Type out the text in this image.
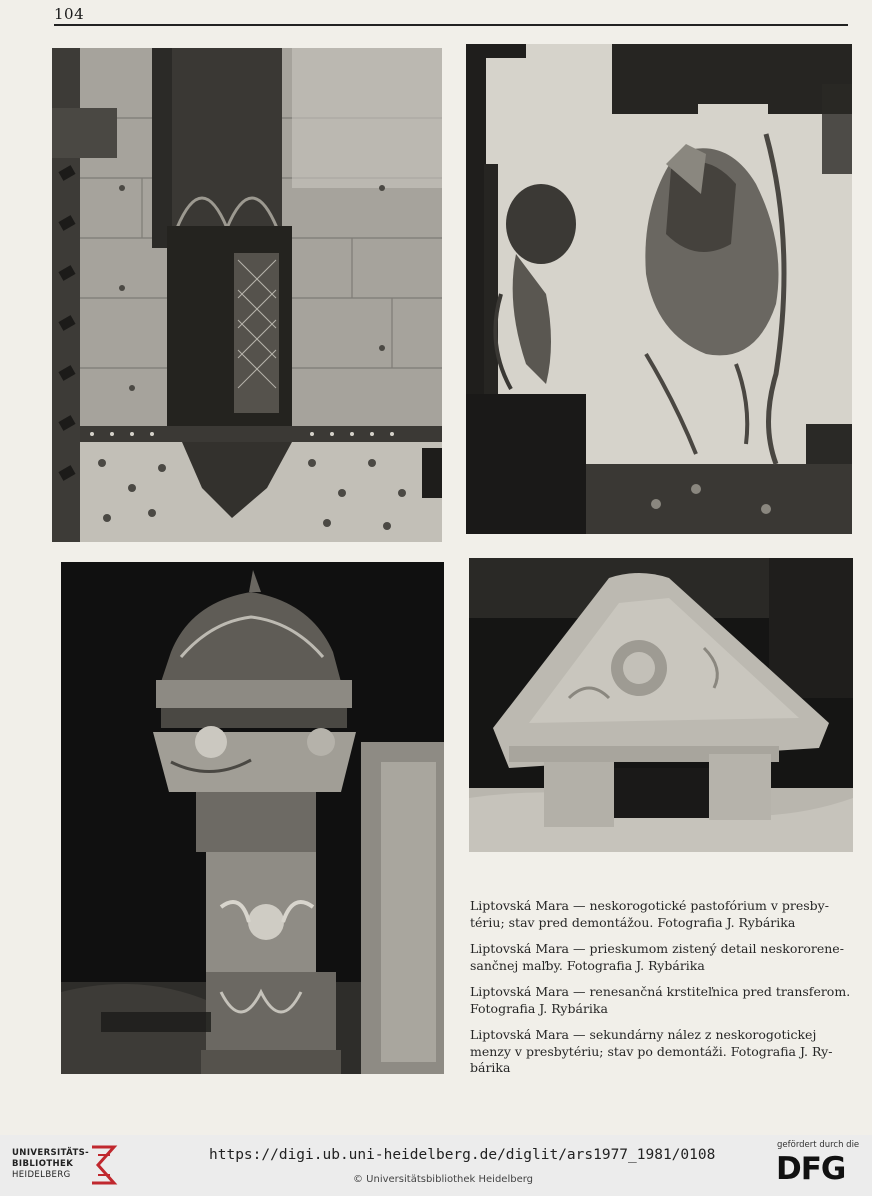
104

Liptovská Mara — neskorogotické pastofórium v presby-
tériu; stav pred demontážou. Fotografia J. Rybárika

Liptovská Mara — prieskumom zistený detail neskororene-
sančnej maľby. Fotografia J. Rybárika

Liptovská Mara — renesančná krstiteľnica pred transferom.
Fotografia J. Rybárika

Liptovská Mara — sekundárny nález z neskorogotickej
menzy v presbytériu; stav po demontáži. Fotografia J. Ry-
bárika

UNIVERSITÄTS-
BIBLIOTHEK
HEIDELBERG
https://digi.ub.uni-heidelberg.de/diglit/ars1977_1981/0108
© Universitätsbibliothek Heidelberg
gefördert durch die
DFG
